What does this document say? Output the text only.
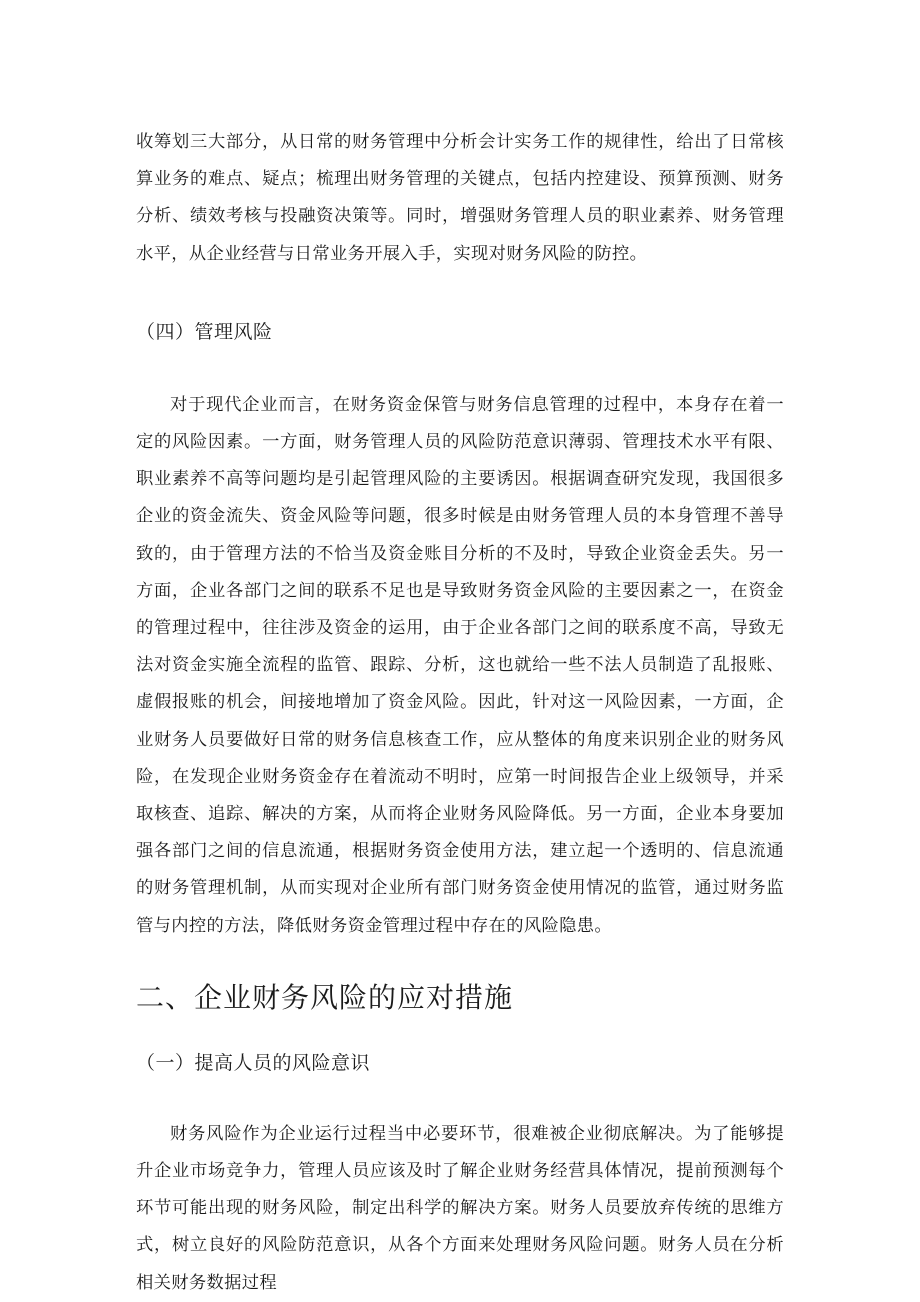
收筹划三大部分，从日常的财务管理中分析会计实务工作的规律性，给出了日常核算业务的难点、疑点；梳理出财务管理的关键点，包括内控建设、预算预测、财务分析、绩效考核与投融资决策等。同时，增强财务管理人员的职业素养、财务管理水平，从企业经营与日常业务开展入手，实现对财务风险的防控。

（四）管理风险

对于现代企业而言，在财务资金保管与财务信息管理的过程中，本身存在着一定的风险因素。一方面，财务管理人员的风险防范意识薄弱、管理技术水平有限、职业素养不高等问题均是引起管理风险的主要诱因。根据调查研究发现，我国很多企业的资金流失、资金风险等问题，很多时候是由财务管理人员的本身管理不善导致的，由于管理方法的不恰当及资金账目分析的不及时，导致企业资金丢失。另一方面，企业各部门之间的联系不足也是导致财务资金风险的主要因素之一，在资金的管理过程中，往往涉及资金的运用，由于企业各部门之间的联系度不高，导致无法对资金实施全流程的监管、跟踪、分析，这也就给一些不法人员制造了乱报账、虚假报账的机会，间接地增加了资金风险。因此，针对这一风险因素，一方面，企业财务人员要做好日常的财务信息核查工作，应从整体的角度来识别企业的财务风险，在发现企业财务资金存在着流动不明时，应第一时间报告企业上级领导，并采取核查、追踪、解决的方案，从而将企业财务风险降低。另一方面，企业本身要加强各部门之间的信息流通，根据财务资金使用方法，建立起一个透明的、信息流通的财务管理机制，从而实现对企业所有部门财务资金使用情况的监管，通过财务监管与内控的方法，降低财务资金管理过程中存在的风险隐患。

二、企业财务风险的应对措施
（一）提高人员的风险意识

财务风险作为企业运行过程当中必要环节，很难被企业彻底解决。为了能够提升企业市场竞争力，管理人员应该及时了解企业财务经营具体情况，提前预测每个环节可能出现的财务风险，制定出科学的解决方案。财务人员要放弃传统的思维方式，树立良好的风险防范意识，从各个方面来处理财务风险问题。财务人员在分析相关财务数据过程
